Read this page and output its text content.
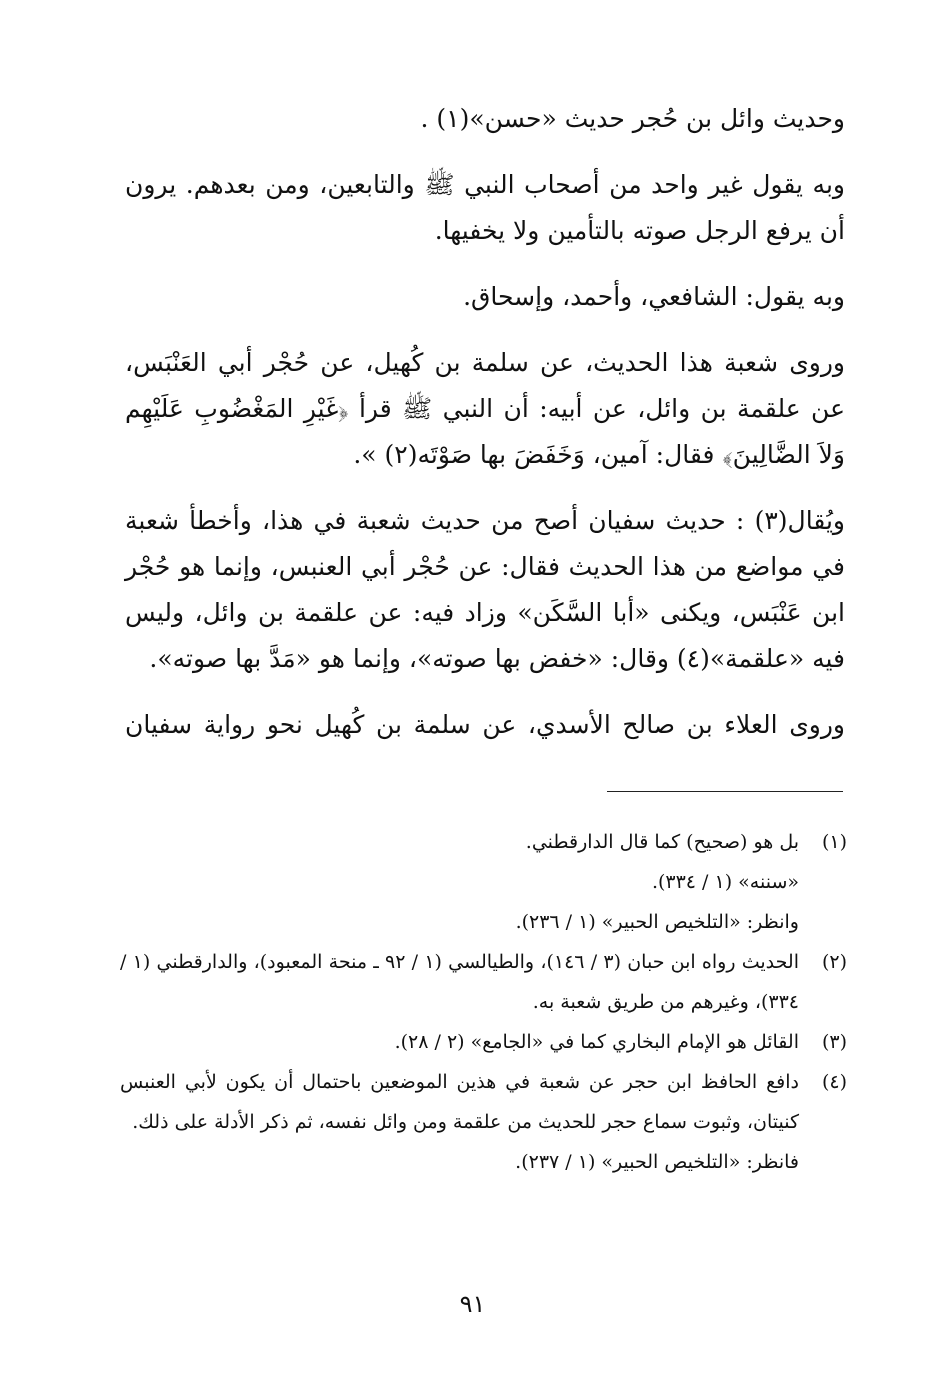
وحديث وائل بن حُجر حديث «حسن»(١) .

وبه يقول غير واحد من أصحاب النبي ﷺ والتابعين، ومن بعدهم. يرون أن يرفع الرجل صوته بالتأمين ولا يخفيها.

وبه يقول: الشافعي، وأحمد، وإسحاق.

وروى شعبة هذا الحديث، عن سلمة بن كُهيل، عن حُجْر أبي العَنْبَس، عن علقمة بن وائل، عن أبيه: أن النبي ﷺ قرأ ﴿غَيْرِ المَغْضُوبِ عَلَيْهِم وَلاَ الضَّالِينَ﴾ فقال: آمين، وَخَفَضَ بها صَوْتَه(٢) ».

ويُقال(٣) : حديث سفيان أصح من حديث شعبة في هذا، وأخطأ شعبة في مواضع من هذا الحديث فقال: عن حُجْر أبي العنبس، وإنما هو حُجْر ابن عَنْبَس، ويكنى «أبا السَّكَن» وزاد فيه: عن علقمة بن وائل، وليس فيه «علقمة»(٤) وقال: «خفض بها صوته»، وإنما هو «مَدَّ بها صوته».

وروى العلاء بن صالح الأسدي، عن سلمة بن كُهيل نحو رواية سفيان

(١)
بل هو (صحيح) كما قال الدارقطني.
«سننه» (١ / ٣٣٤).
وانظر: «التلخيص الحبير» (١ / ٢٣٦).
(٢)
الحديث رواه ابن حبان (٣ / ١٤٦)، والطيالسي (١ / ٩٢ ـ منحة المعبود)، والدارقطني (١ / ٣٣٤)، وغيرهم من طريق شعبة به.
(٣)
القائل هو الإمام البخاري كما في «الجامع» (٢ / ٢٨).
(٤)
دافع الحافظ ابن حجر عن شعبة في هذين الموضعين باحتمال أن يكون لأبي العنبس كنيتان، وثبوت سماع حجر للحديث من علقمة ومن وائل نفسه، ثم ذكر الأدلة على ذلك.
فانظر: «التلخيص الحبير» (١ / ٢٣٧).
٩١
